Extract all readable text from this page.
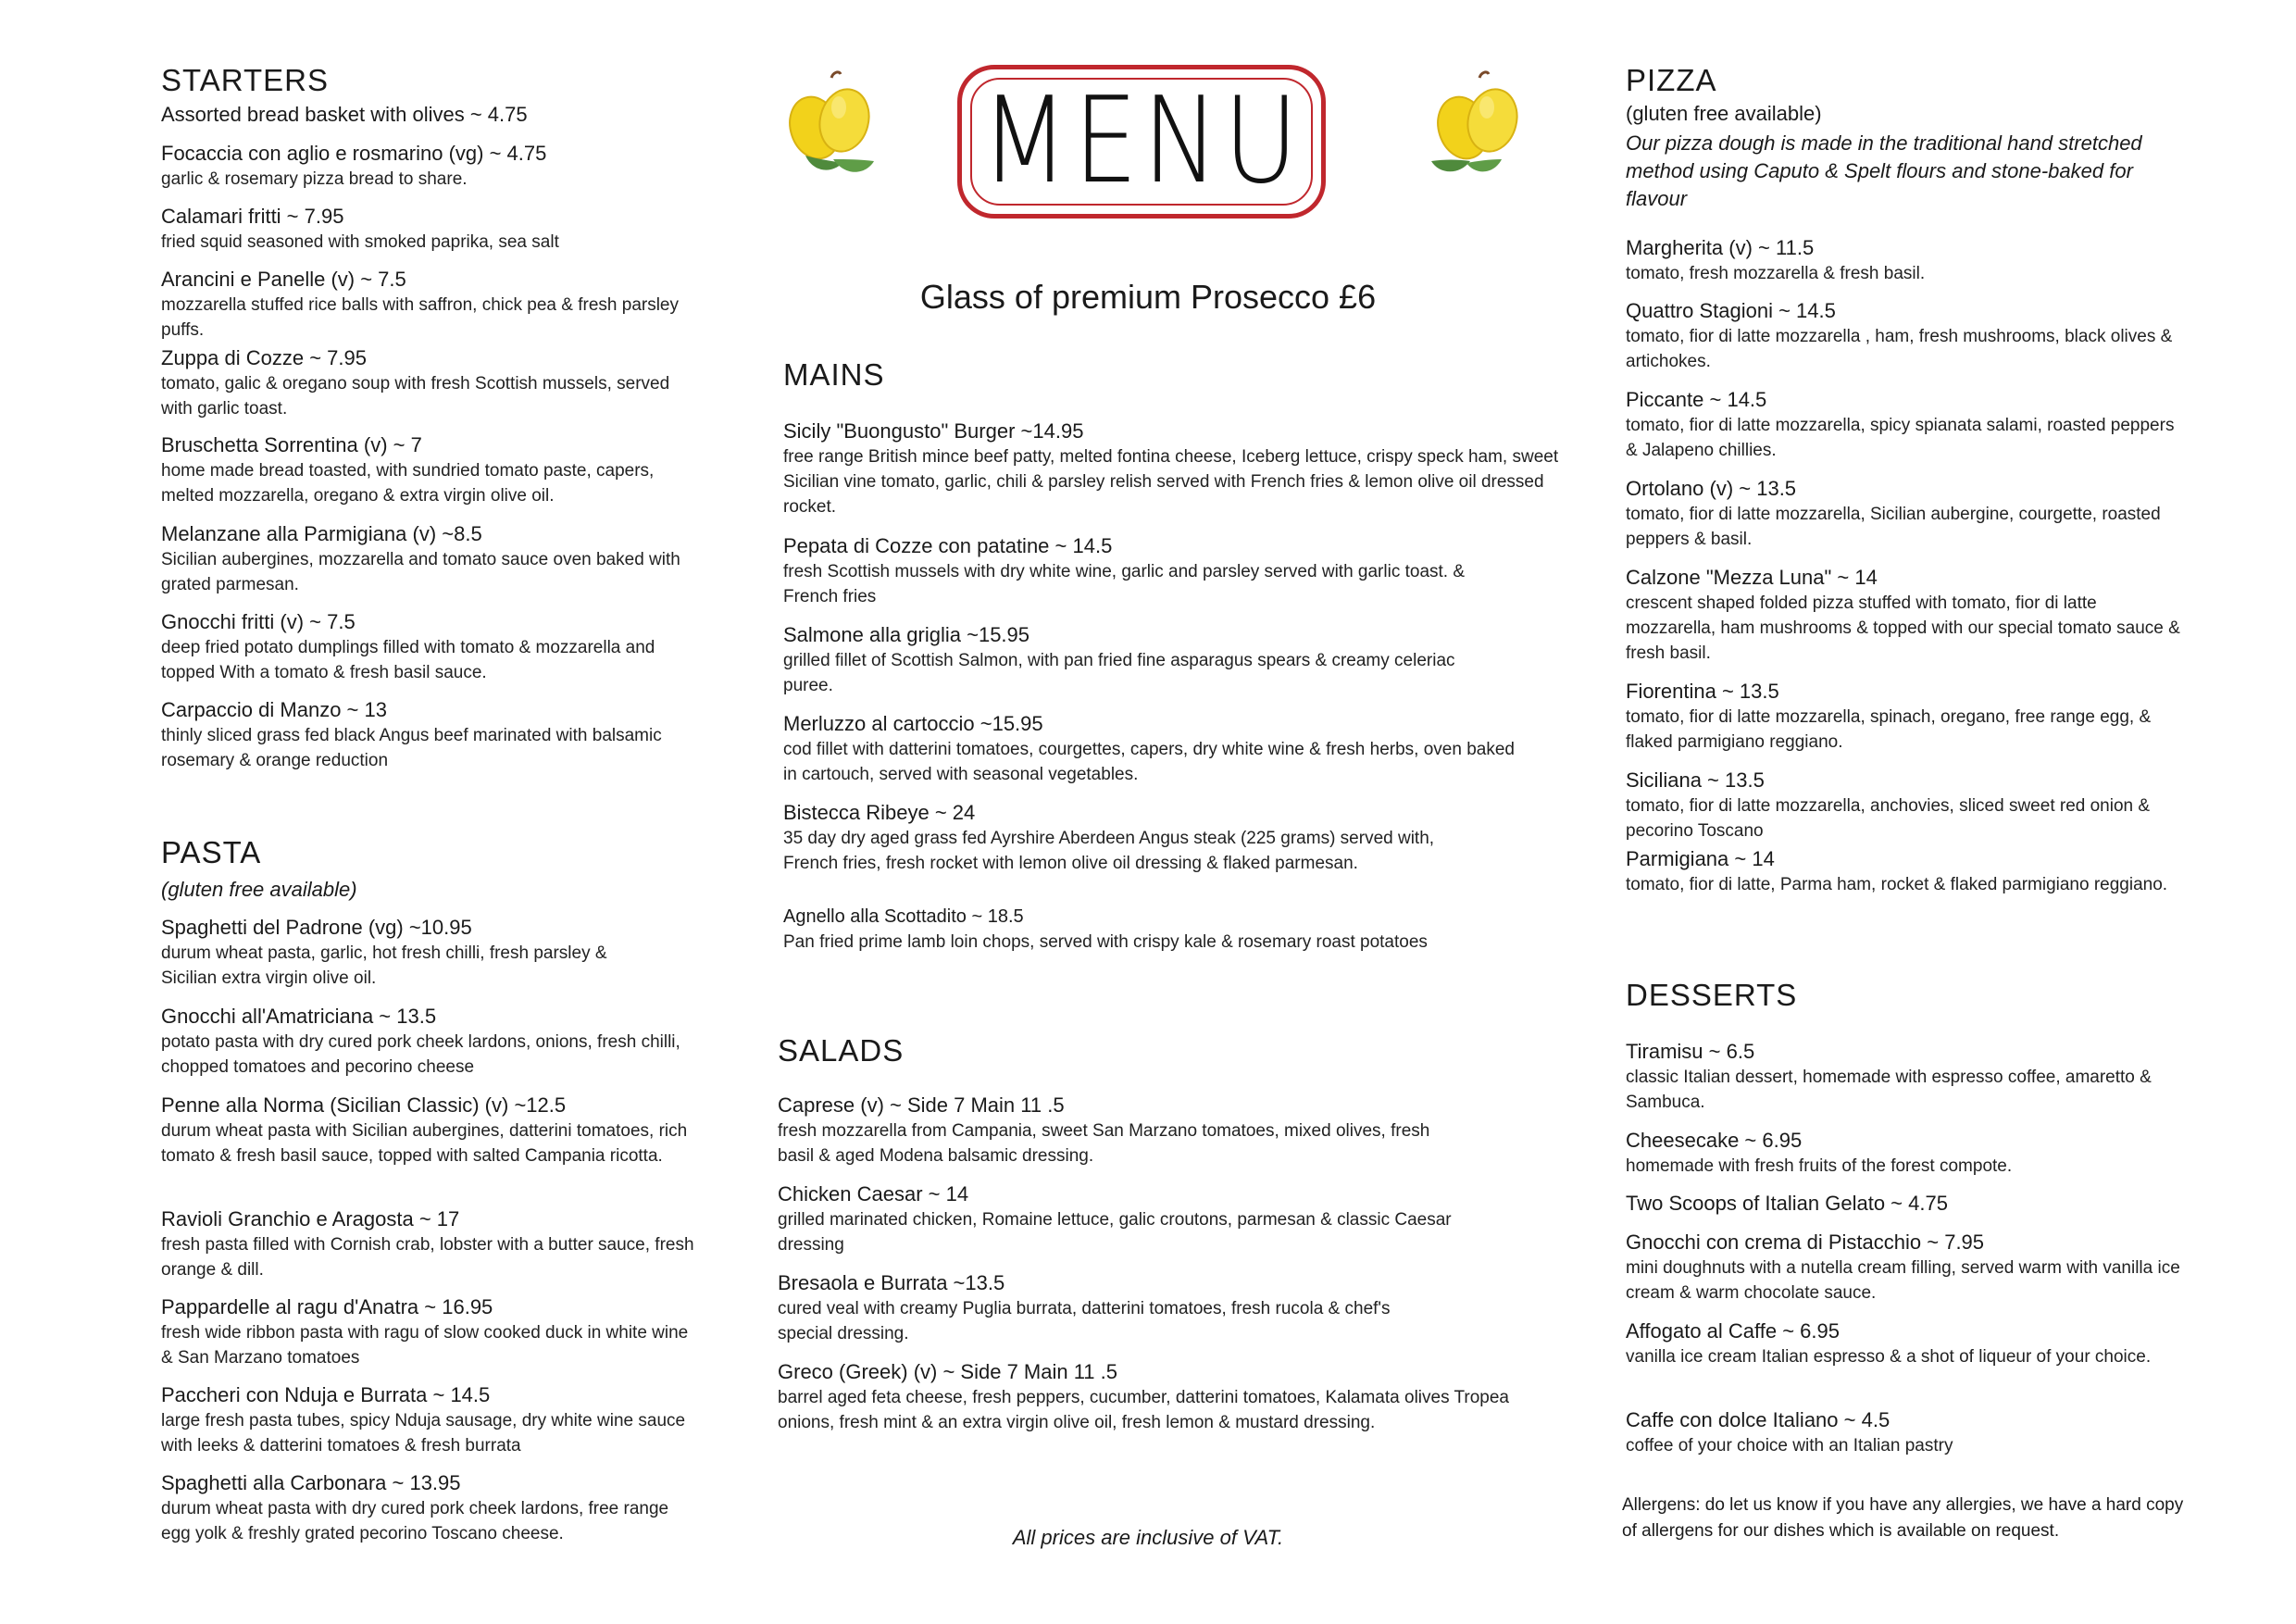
STARTERS
Assorted bread basket with olives ~ 4.75
Focaccia con aglio e rosmarino (vg) ~ 4.75
garlic & rosemary pizza bread to share.
Calamari fritti ~ 7.95
fried squid seasoned with smoked paprika, sea salt
Arancini e Panelle (v) ~ 7.5
mozzarella stuffed rice balls with saffron, chick pea & fresh parsley puffs.
Zuppa di Cozze ~ 7.95
tomato, galic & oregano soup with fresh Scottish mussels, served with garlic toast.
Bruschetta Sorrentina (v) ~ 7
home made bread toasted, with sundried tomato paste, capers, melted mozzarella, oregano & extra virgin olive oil.
Melanzane alla Parmigiana (v) ~8.5
Sicilian aubergines, mozzarella and tomato sauce oven baked with grated parmesan.
Gnocchi fritti (v) ~ 7.5
deep fried potato dumplings filled with tomato & mozzarella and topped With a tomato & fresh basil sauce.
Carpaccio di Manzo ~ 13
thinly sliced grass fed black Angus beef marinated with balsamic rosemary & orange reduction
PASTA

(gluten free available)

Spaghetti del Padrone (vg) ~10.95
durum wheat pasta, garlic, hot fresh chilli, fresh parsley & Sicilian extra virgin olive oil.
Gnocchi all'Amatriciana ~ 13.5
potato pasta with dry cured pork cheek lardons, onions, fresh chilli, chopped tomatoes and pecorino cheese
Penne alla Norma (Sicilian Classic) (v) ~12.5
durum wheat pasta with Sicilian aubergines, datterini tomatoes, rich tomato & fresh basil sauce, topped with salted Campania ricotta.
Ravioli Granchio e Aragosta ~ 17
fresh pasta filled with Cornish crab, lobster with a butter sauce, fresh orange & dill.
Pappardelle al ragu d'Anatra ~ 16.95
fresh wide ribbon pasta with ragu of slow cooked duck in white wine & San Marzano tomatoes
Paccheri con Nduja e Burrata ~ 14.5
large fresh pasta tubes, spicy Nduja sausage, dry white wine sauce with leeks & datterini tomatoes & fresh burrata
Spaghetti alla Carbonara ~ 13.95
durum wheat pasta with dry cured pork cheek lardons, free range egg yolk & freshly grated pecorino Toscano cheese.
MENU
Glass of premium Prosecco £6
MAINS
Sicily "Buongusto" Burger ~14.95
free range British mince beef patty, melted fontina cheese, Iceberg lettuce, crispy speck ham, sweet Sicilian vine tomato, garlic, chili & parsley relish served with French fries & lemon olive oil dressed rocket.
Pepata di Cozze con patatine ~ 14.5
fresh Scottish mussels with dry white wine, garlic and parsley served with garlic toast. & French fries
Salmone alla griglia ~15.95
grilled fillet of Scottish Salmon, with pan fried fine asparagus spears & creamy celeriac puree.
Merluzzo al cartoccio ~15.95
cod fillet with datterini tomatoes, courgettes, capers, dry white wine & fresh herbs, oven baked in cartouch, served with seasonal vegetables.
Bistecca Ribeye ~ 24
35 day dry aged grass fed Ayrshire Aberdeen Angus steak (225 grams) served with, French fries, fresh rocket with lemon olive oil dressing & flaked parmesan.
Agnello alla Scottadito ~ 18.5
Pan fried prime lamb loin chops, served with crispy kale & rosemary roast potatoes
SALADS
Caprese (v) ~ Side 7 Main 11 .5
fresh mozzarella from Campania, sweet San Marzano tomatoes, mixed olives, fresh basil & aged Modena balsamic dressing.
Chicken Caesar ~ 14
grilled marinated chicken, Romaine lettuce, galic croutons, parmesan & classic Caesar dressing
Bresaola e Burrata ~13.5
cured veal with creamy Puglia burrata, datterini tomatoes, fresh rucola & chef's special dressing.
Greco (Greek) (v) ~ Side 7 Main 11 .5
barrel aged feta cheese, fresh peppers, cucumber, datterini tomatoes, Kalamata olives Tropea onions, fresh mint & an extra virgin olive oil, fresh lemon & mustard dressing.
All prices are inclusive of VAT.
PIZZA

(gluten free available)

Our pizza dough is made in the traditional hand stretched method using Caputo & Spelt flours and stone-baked for flavour

Margherita (v) ~ 11.5
tomato, fresh mozzarella & fresh basil.
Quattro Stagioni ~ 14.5
tomato, fior di latte mozzarella , ham, fresh mushrooms, black olives & artichokes.
Piccante ~ 14.5
tomato, fior di latte mozzarella, spicy spianata salami, roasted peppers & Jalapeno chillies.
Ortolano (v) ~ 13.5
tomato, fior di latte mozzarella, Sicilian aubergine, courgette, roasted peppers & basil.
Calzone "Mezza Luna" ~ 14
crescent shaped folded pizza stuffed with tomato, fior di latte mozzarella, ham mushrooms & topped with our special tomato sauce & fresh basil.
Fiorentina ~ 13.5
tomato, fior di latte mozzarella, spinach, oregano, free range egg, & flaked parmigiano reggiano.
Siciliana ~ 13.5
tomato, fior di latte mozzarella, anchovies, sliced sweet red onion & pecorino Toscano
Parmigiana ~ 14
tomato, fior di latte, Parma ham, rocket & flaked parmigiano reggiano.
DESSERTS
Tiramisu ~ 6.5
classic Italian dessert, homemade with espresso coffee, amaretto & Sambuca.
Cheesecake ~ 6.95
homemade with fresh fruits of the forest compote.
Two Scoops of Italian Gelato ~ 4.75
Gnocchi con crema di Pistacchio ~ 7.95
mini doughnuts with a nutella cream filling, served warm with vanilla ice cream & warm chocolate sauce.
Affogato al Caffe ~ 6.95
vanilla ice cream Italian espresso & a shot of liqueur of your choice.
Caffe con dolce Italiano ~ 4.5
coffee of your choice with an Italian pastry
Allergens: do let us know if you have any allergies, we have a hard copy of allergens for our dishes which is available on request.
